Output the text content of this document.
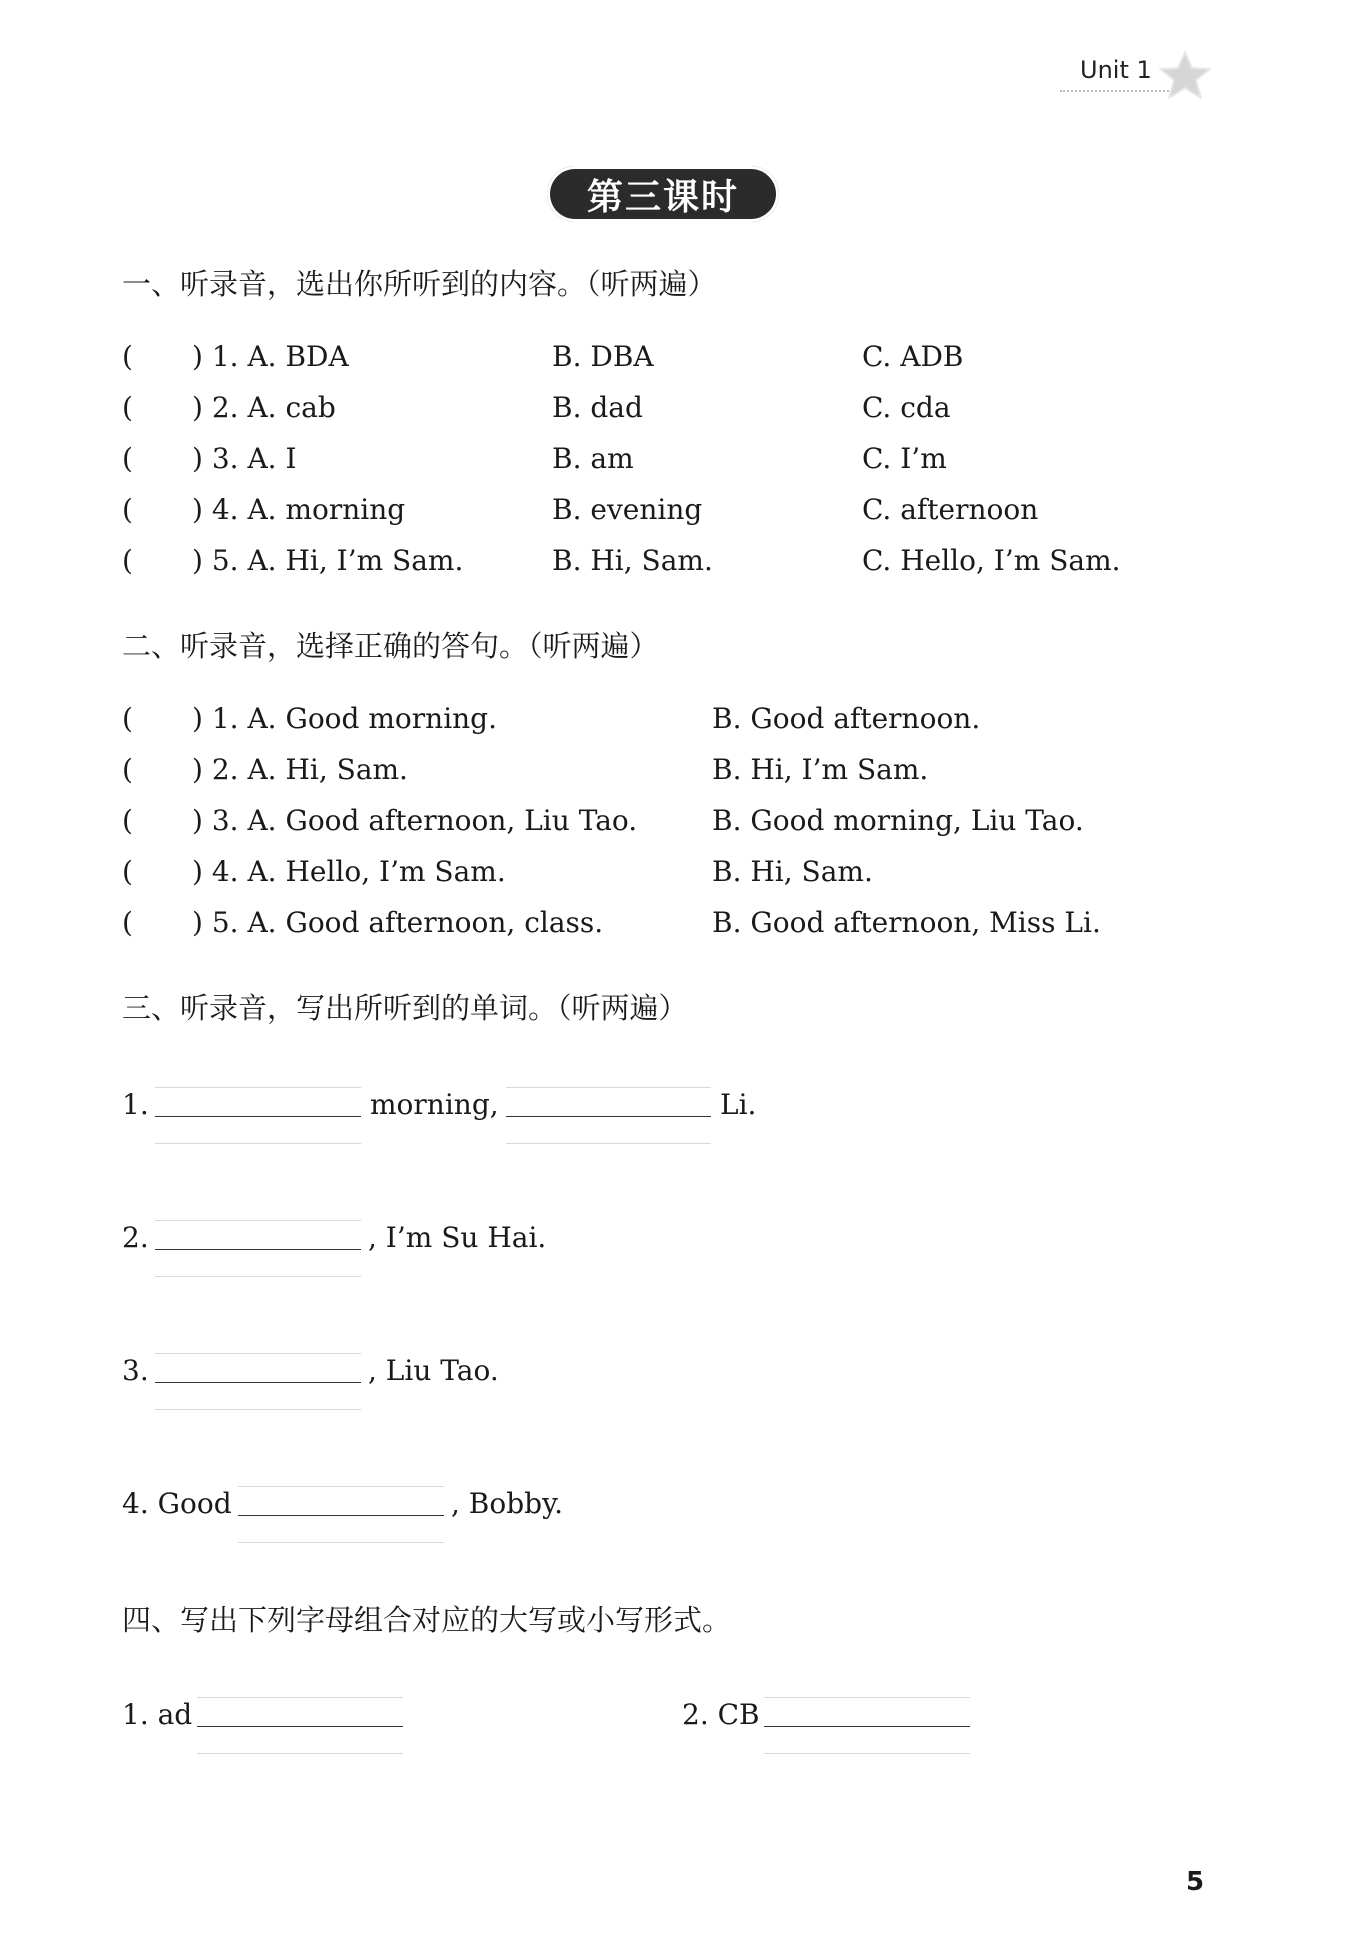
Unit 1
第三课时
一、听录音，选出你所听到的内容。（听两遍）
( ) 1. A. BDA	B. DBA	C. ADB
( ) 2. A. cab	B. dad	C. cda
( ) 3. A. I	B. am	C. I’m
( ) 4. A. morning	B. evening	C. afternoon
( ) 5. A. Hi, I’m Sam.	B. Hi, Sam.	C. Hello, I’m Sam.
二、听录音，选择正确的答句。（听两遍）
( ) 1. A. Good morning.	B. Good afternoon.
( ) 2. A. Hi, Sam.	B. Hi, I’m Sam.
( ) 3. A. Good afternoon, Liu Tao.	B. Good morning, Liu Tao.
( ) 4. A. Hello, I’m Sam.	B. Hi, Sam.
( ) 5. A. Good afternoon, class.	B. Good afternoon, Miss Li.
三、听录音，写出所听到的单词。（听两遍）
1.	morning,	Li.
2.	, I’m Su Hai.
3.	, Liu Tao.
4. Good	, Bobby.
四、写出下列字母组合对应的大写或小写形式。
1. ad	2. CB
5
